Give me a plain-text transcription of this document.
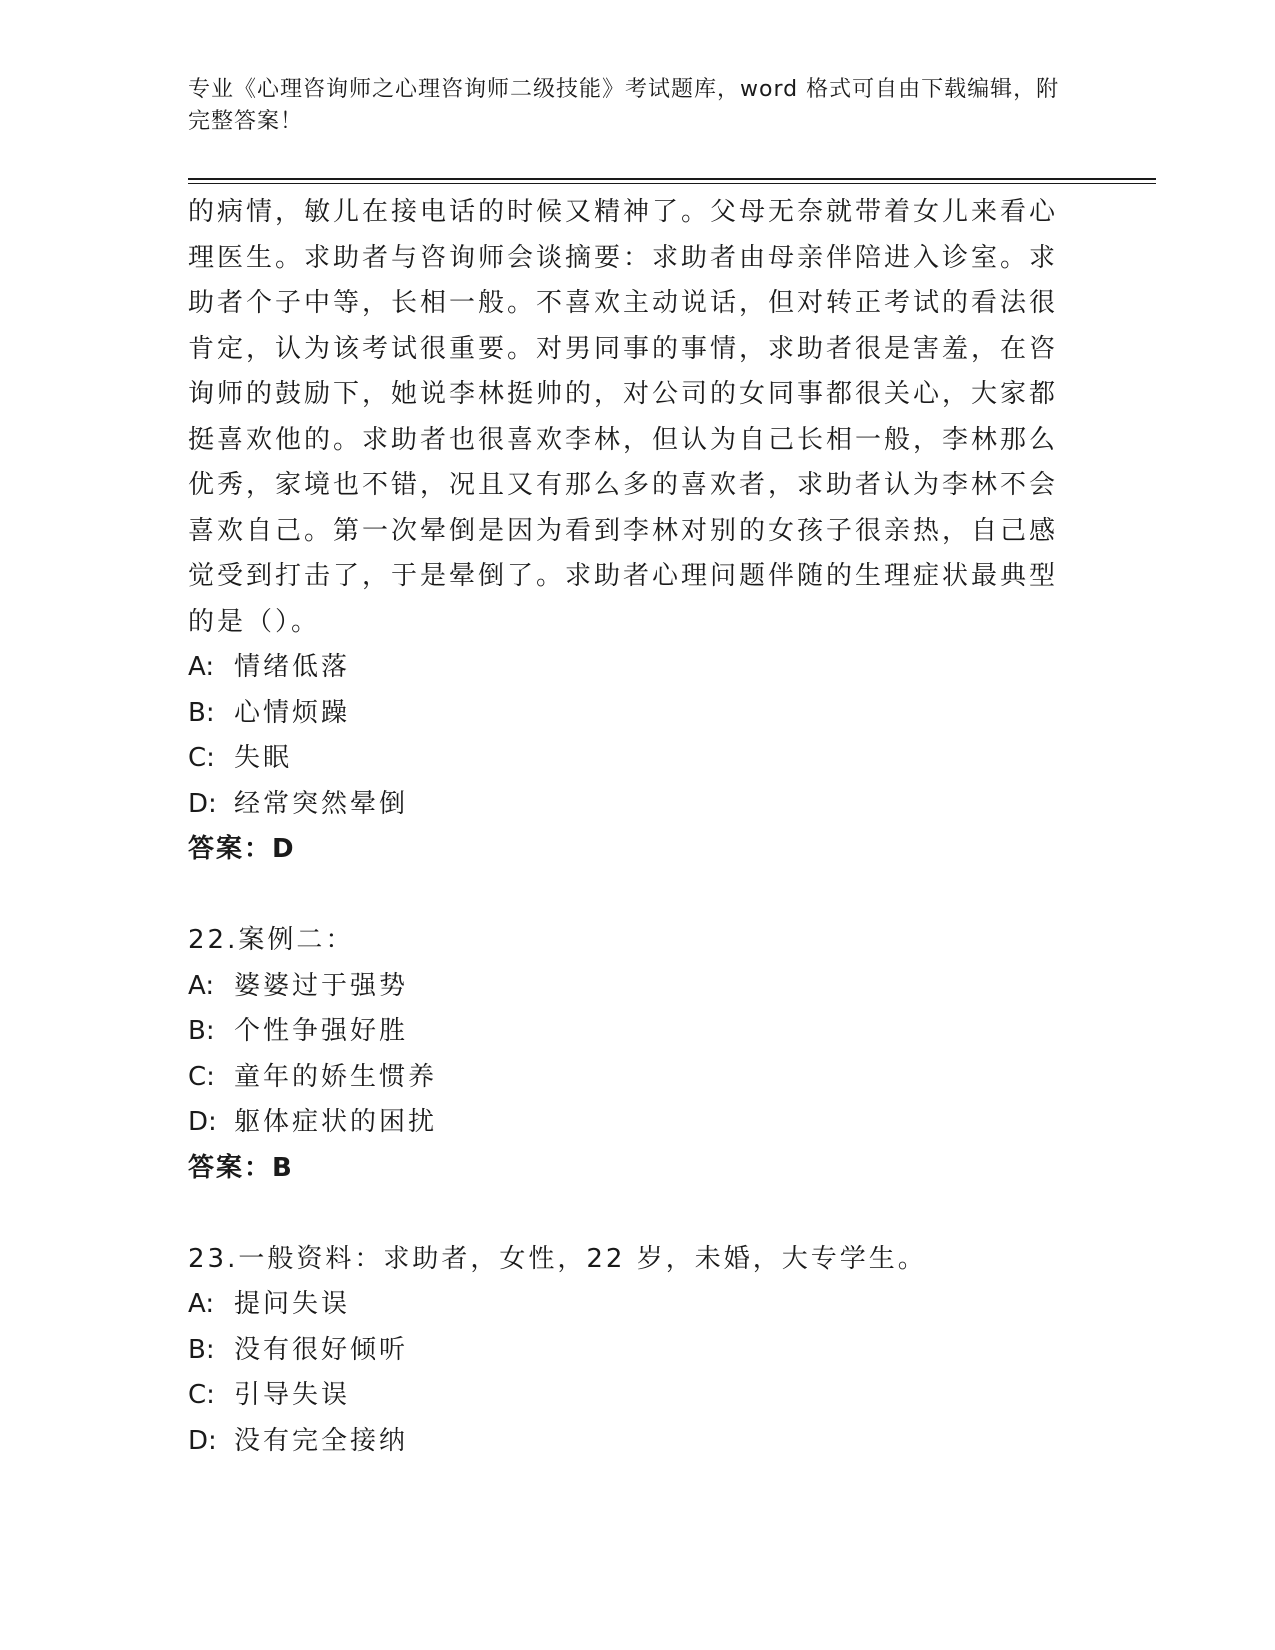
专业《心理咨询师之心理咨询师二级技能》考试题库，word 格式可自由下载编辑，附完整答案！

的病情，敏儿在接电话的时候又精神了。父母无奈就带着女儿来看心

理医生。求助者与咨询师会谈摘要：求助者由母亲伴陪进入诊室。求

助者个子中等，长相一般。不喜欢主动说话，但对转正考试的看法很

肯定，认为该考试很重要。对男同事的事情，求助者很是害羞，在咨

询师的鼓励下，她说李林挺帅的，对公司的女同事都很关心，大家都

挺喜欢他的。求助者也很喜欢李林，但认为自己长相一般，李林那么

优秀，家境也不错，况且又有那么多的喜欢者，求助者认为李林不会

喜欢自己。第一次晕倒是因为看到李林对别的女孩子很亲热，自己感

觉受到打击了，于是晕倒了。求助者心理问题伴随的生理症状最典型

的是（）。

A: 情绪低落

B: 心情烦躁

C: 失眠

D: 经常突然晕倒

答案：D

22.案例二：

A: 婆婆过于强势

B: 个性争强好胜

C: 童年的娇生惯养

D: 躯体症状的困扰

答案：B

23.一般资料：求助者，女性，22 岁，未婚，大专学生。

A: 提问失误

B: 没有很好倾听

C: 引导失误

D: 没有完全接纳
